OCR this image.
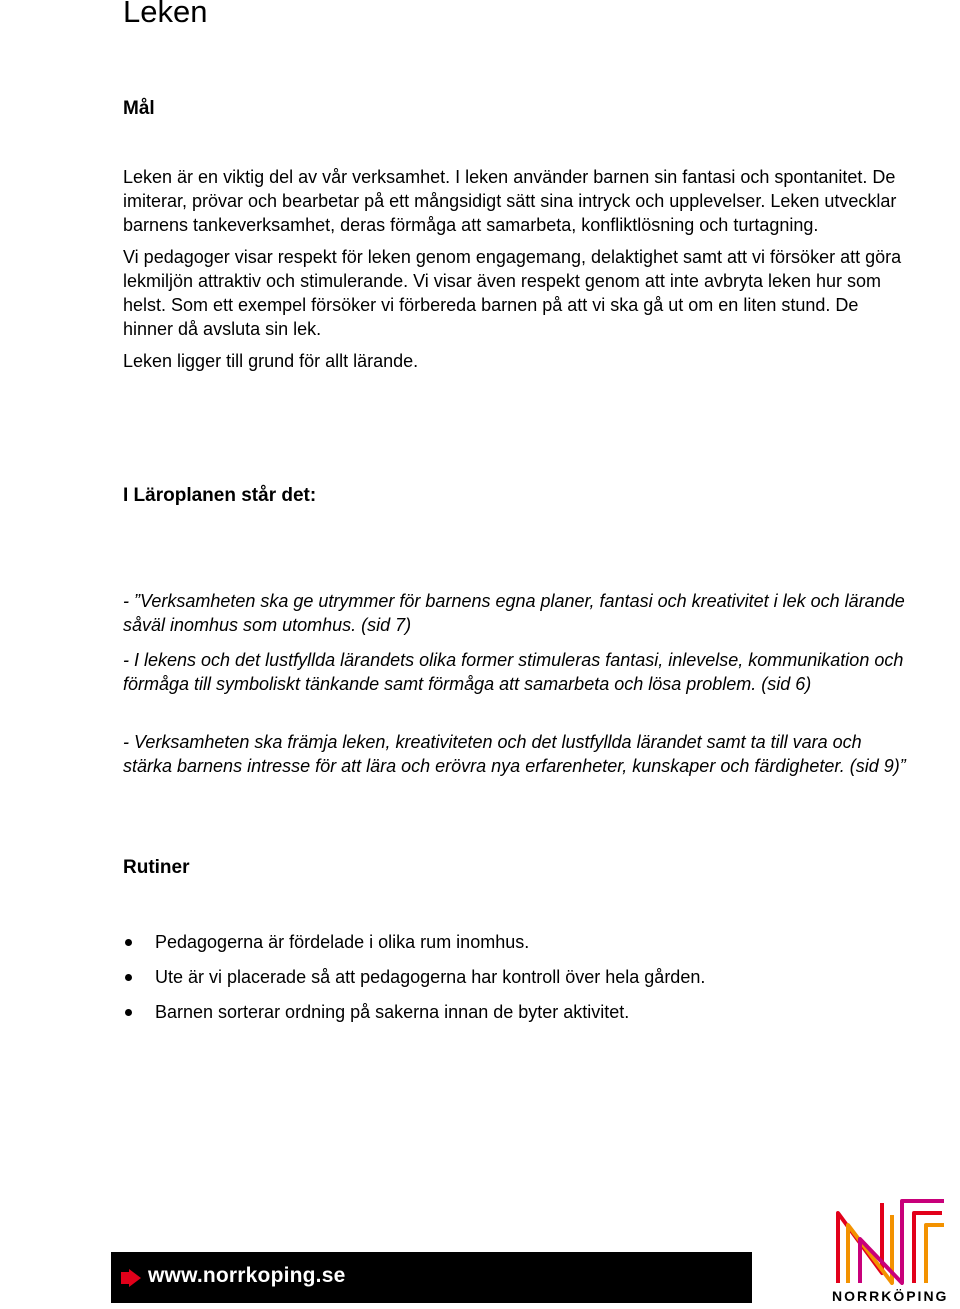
Leken
Mål

Leken är en viktig del av vår verksamhet. I leken använder barnen sin fantasi och spontanitet. De imiterar, prövar och bearbetar på ett mångsidigt sätt sina intryck och upplevelser. Leken utvecklar barnens tankeverksamhet, deras förmåga att samarbeta, konfliktlösning och turtagning.

Vi pedagoger visar respekt för leken genom engagemang, delaktighet samt att vi försöker att göra lekmiljön attraktiv och stimulerande. Vi visar även respekt genom att inte avbryta leken hur som helst. Som ett exempel försöker vi förbereda barnen på att vi ska gå ut om en liten stund. De hinner då avsluta sin lek.

Leken ligger till grund för allt lärande.

I Läroplanen står det:
- ”Verksamheten ska ge utrymmer för barnens egna planer, fantasi och kreativitet i lek och lärande såväl inomhus som utomhus. (sid 7)
- I lekens och det lustfyllda lärandets olika former stimuleras fantasi, inlevelse, kommunikation och förmåga till symboliskt tänkande samt förmåga att samarbeta och lösa problem. (sid 6)
- Verksamheten ska främja leken, kreativiteten och det lustfyllda lärandet samt ta till vara och stärka barnens intresse för att lära och erövra nya erfarenheter, kunskaper och färdigheter. (sid 9)”
Rutiner
Pedagogerna är fördelade i olika rum inomhus.
Ute är vi placerade så att pedagogerna har kontroll över hela gården.
Barnen sorterar ordning på sakerna innan de byter aktivitet.
www.norrkoping.se
NORRKÖPING
